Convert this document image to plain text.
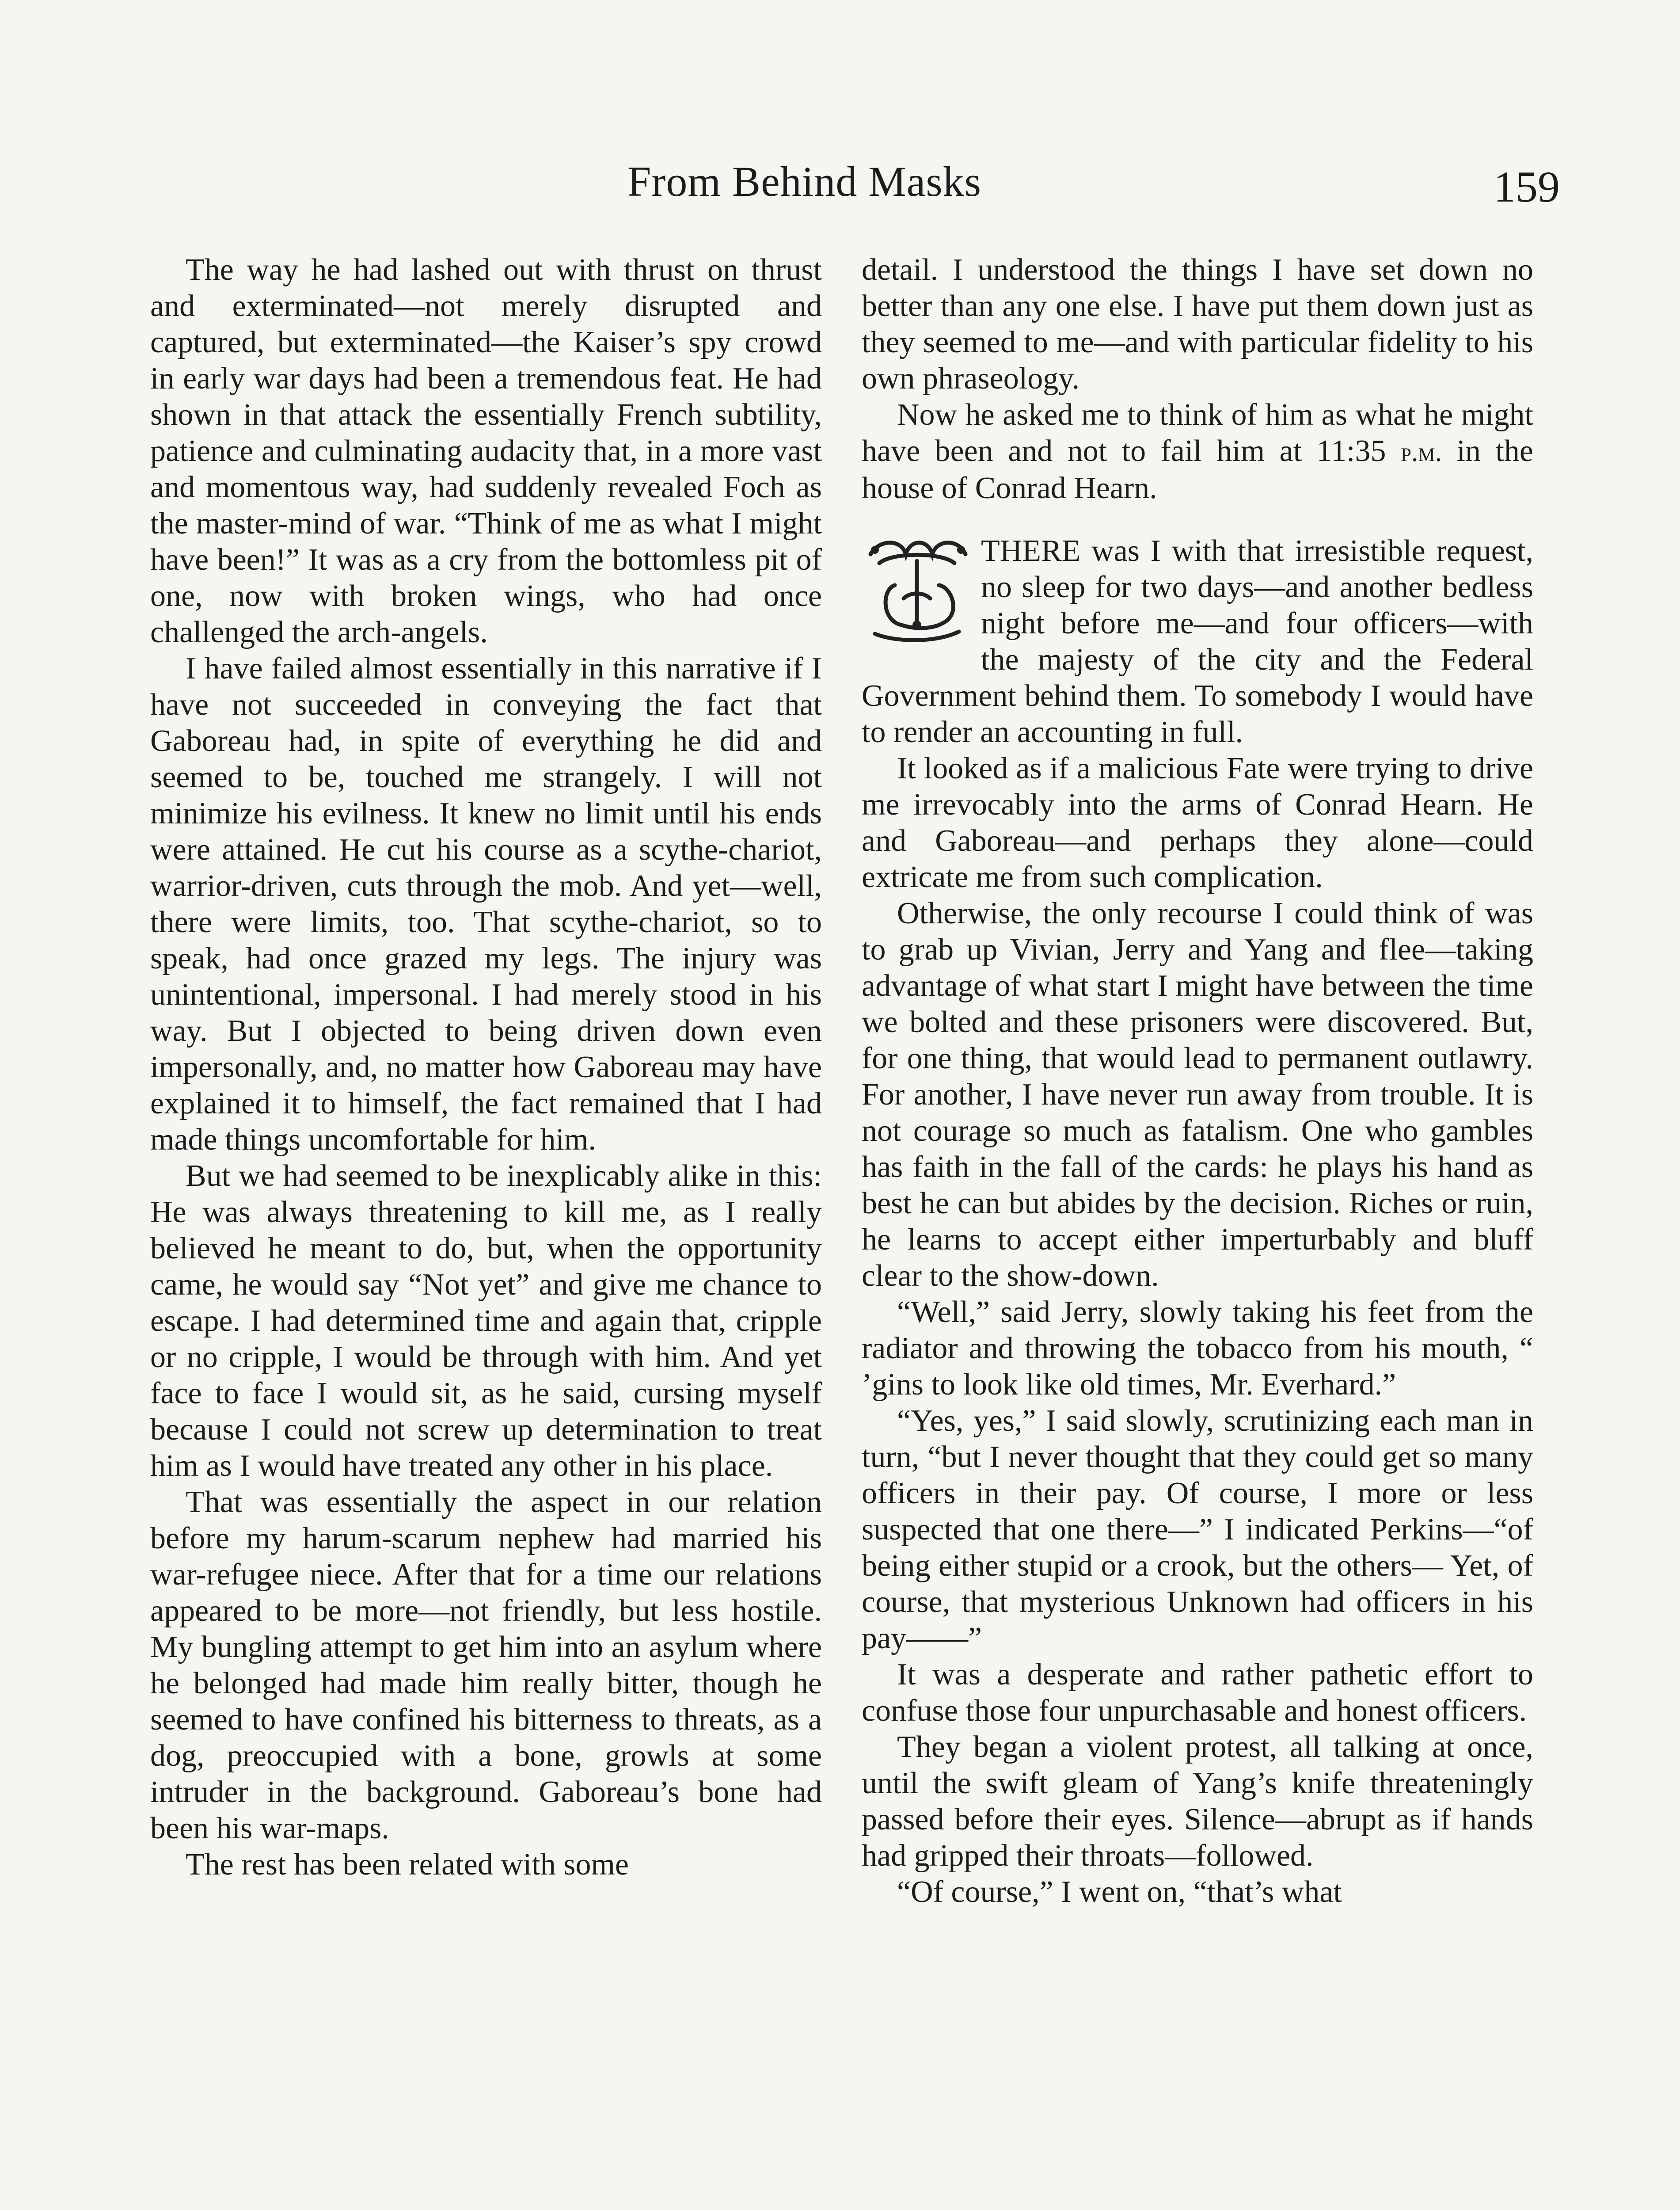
From Behind Masks	159

The way he had lashed out with thrust on thrust and exterminated—not merely disrupted and captured, but exterminated—the Kaiser’s spy crowd in early war days had been a tremendous feat. He had shown in that attack the essentially French subtility, patience and culminating audacity that, in a more vast and momentous way, had suddenly revealed Foch as the master-mind of war. “Think of me as what I might have been!” It was as a cry from the bottomless pit of one, now with broken wings, who had once challenged the arch-angels.

I have failed almost essentially in this narrative if I have not succeeded in conveying the fact that Gaboreau had, in spite of everything he did and seemed to be, touched me strangely. I will not minimize his evilness. It knew no limit until his ends were attained. He cut his course as a scythe-chariot, warrior-driven, cuts through the mob. And yet—well, there were limits, too. That scythe-chariot, so to speak, had once grazed my legs. The injury was unintentional, impersonal. I had merely stood in his way. But I objected to being driven down even impersonally, and, no matter how Gaboreau may have explained it to himself, the fact remained that I had made things uncomfortable for him.

But we had seemed to be inexplicably alike in this: He was always threatening to kill me, as I really believed he meant to do, but, when the opportunity came, he would say “Not yet” and give me chance to escape. I had determined time and again that, cripple or no cripple, I would be through with him. And yet face to face I would sit, as he said, cursing myself because I could not screw up determination to treat him as I would have treated any other in his place.

That was essentially the aspect in our relation before my harum-scarum nephew had married his war-refugee niece. After that for a time our relations appeared to be more—not friendly, but less hostile. My bungling attempt to get him into an asylum where he belonged had made him really bitter, though he seemed to have confined his bitterness to threats, as a dog, preoccupied with a bone, growls at some intruder in the background. Gaboreau’s bone had been his war-maps.

The rest has been related with some

detail. I understood the things I have set down no better than any one else. I have put them down just as they seemed to me—and with particular fidelity to his own phraseology.

Now he asked me to think of him as what he might have been and not to fail him at 11:35 p.m. in the house of Conrad Hearn.

THERE was I with that irresistible request, no sleep for two days—and another bedless night before me—and four officers—with the majesty of the city and the Federal Government behind them. To somebody I would have to render an accounting in full.

It looked as if a malicious Fate were trying to drive me irrevocably into the arms of Conrad Hearn. He and Gaboreau—and perhaps they alone—could extricate me from such complication.

Otherwise, the only recourse I could think of was to grab up Vivian, Jerry and Yang and flee—taking advantage of what start I might have between the time we bolted and these prisoners were discovered. But, for one thing, that would lead to permanent outlawry. For another, I have never run away from trouble. It is not courage so much as fatalism. One who gambles has faith in the fall of the cards: he plays his hand as best he can but abides by the decision. Riches or ruin, he learns to accept either imperturbably and bluff clear to the show-down.

“Well,” said Jerry, slowly taking his feet from the radiator and throwing the tobacco from his mouth, “ ’gins to look like old times, Mr. Everhard.”

“Yes, yes,” I said slowly, scrutinizing each man in turn, “but I never thought that they could get so many officers in their pay. Of course, I more or less suspected that one there—” I indicated Perkins—“of being either stupid or a crook, but the others— Yet, of course, that mysterious Unknown had officers in his pay——”

It was a desperate and rather pathetic effort to confuse those four unpurchasable and honest officers.

They began a violent protest, all talking at once, until the swift gleam of Yang’s knife threateningly passed before their eyes. Silence—abrupt as if hands had gripped their throats—followed.

“Of course,” I went on, “that’s what
